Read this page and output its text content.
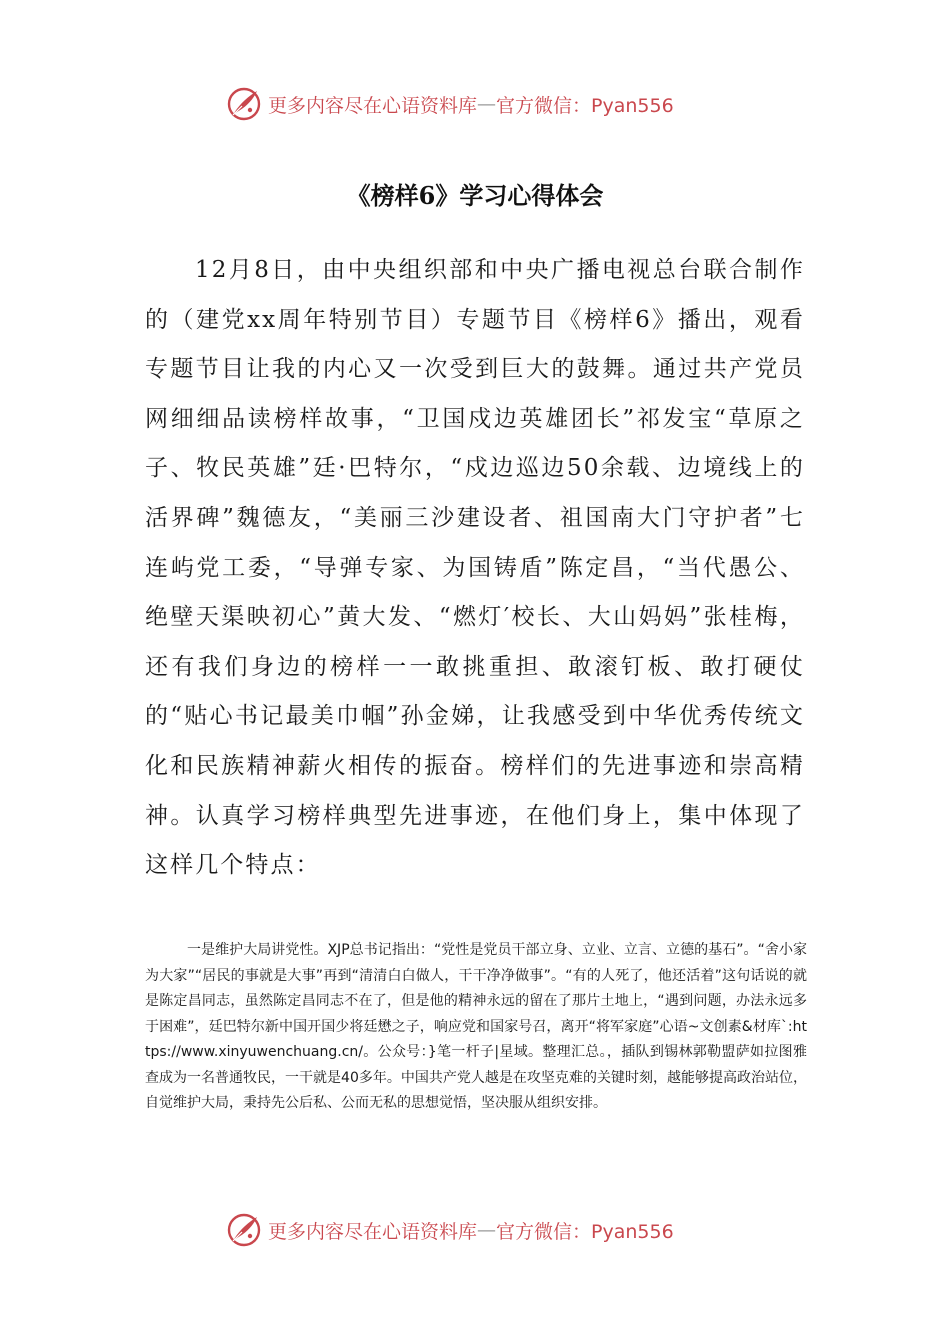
更多内容尽在心语资料库 — 官方微信：Pyan556
《榜样6》学习心得体会

12月8日，由中央组织部和中央广播电视总台联合制作的（建党xx周年特别节目）专题节目《榜样6》播出，观看专题节目让我的内心又一次受到巨大的鼓舞。通过共产党员网细细品读榜样故事，“卫国戍边英雄团长”祁发宝“草原之子、牧民英雄”廷·巴特尔，“戍边巡边50余载、边境线上的活界碑”魏德友，“美丽三沙建设者、祖国南大门守护者”七连屿党工委，“导弹专家、为国铸盾”陈定昌，“当代愚公、绝壁天渠映初心”黄大发、“燃灯′校长、大山妈妈”张桂梅，还有我们身边的榜样一一敢挑重担、敢滚钉板、敢打硬仗的“贴心书记最美巾帼”孙金娣，让我感受到中华优秀传统文化和民族精神薪火相传的振奋。榜样们的先进事迹和崇高精神。认真学习榜样典型先进事迹，在他们身上，集中体现了这样几个特点：

一是维护大局讲党性。XJP总书记指出：“党性是党员干部立身、立业、立言、立德的基石”。“舍小家为大家”“居民的事就是大事”再到“清清白白做人，干干净净做事”。“有的人死了，他还活着”这句话说的就是陈定昌同志，虽然陈定昌同志不在了，但是他的精神永远的留在了那片土地上，“遇到问题，办法永远多于困难”，廷巴特尔新中国开国少将廷懋之子，响应党和国家号召，离开“将军家庭”心语~文创素&材库`:https://www.xinyuwenchuang.cn/。公众号：}笔一杆子|星域。整理汇总。，插队到锡林郭勒盟萨如拉图雅查成为一名普通牧民，一干就是40多年。中国共产党人越是在攻坚克难的关键时刻，越能够提高政治站位，自觉维护大局，秉持先公后私、公而无私的思想觉悟，坚决服从组织安排。

更多内容尽在心语资料库 — 官方微信：Pyan556
